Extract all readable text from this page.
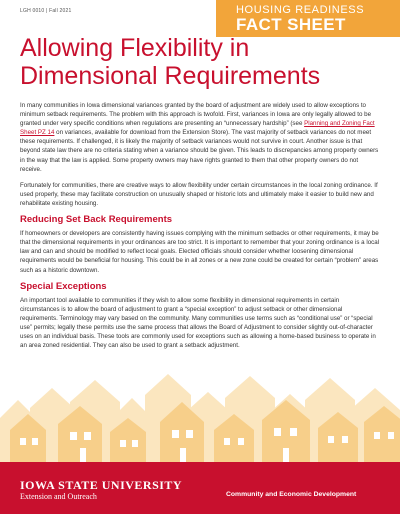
LGH 0010 | Fall 2021	HOUSING READINESS
FACT SHEET
Allowing Flexibility in Dimensional Requirements

In many communities in Iowa dimensional variances granted by the board of adjustment are widely used to allow exceptions to minimum setback requirements. The problem with this approach is twofold. First, variances in Iowa are only legally allowed to be granted under very specific conditions when regulations are presenting an “unnecessary hardship” (see Planning and Zoning Fact Sheet PZ 14 on variances, available for download from the Extension Store). The vast majority of setback variances do not meet these requirements. If challenged, it is likely the majority of setback variances would not survive in court. Another issue is that beyond state law there are no criteria stating when a variance should be given. This leads to discrepancies among property owners in the way that the law is applied. Some property owners may have rights granted to them that other property owners do not receive.

Fortunately for communities, there are creative ways to allow flexibility under certain circumstances in the local zoning ordinance. If used properly, these may facilitate construction on unusually shaped or historic lots and ultimately make it easier to build new and rehabilitate existing housing.

Reducing Set Back Requirements

If homeowners or developers are consistently having issues complying with the minimum setbacks or other requirements, it may be that the dimensional requirements in your ordinances are too strict. It is important to remember that your zoning ordinance is a local law and can and should be modified to reflect local goals. Elected officials should consider whether loosening dimensional requirements would be beneficial for housing. This could be in all zones or a new zone could be created for certain “problem” areas such as a historic downtown.

Special Exceptions

An important tool available to communities if they wish to allow some flexibility in dimensional requirements in certain circumstances is to allow the board of adjustment to grant a “special exception” to adjust setback or other dimensional requirements. Terminology may vary based on the community. Many communities use terms such as “conditional use” or “special use” permits; legally these permits use the same process that allows the Board of Adjustment to consider slightly out-of-character uses on an individual basis. These tools are commonly used for exceptions such as allowing a home-based business to operate in an area zoned residential. They can also be used to grant a setback adjustment.

IOWA STATE UNIVERSITY
Extension and Outreach	Community and Economic Development
